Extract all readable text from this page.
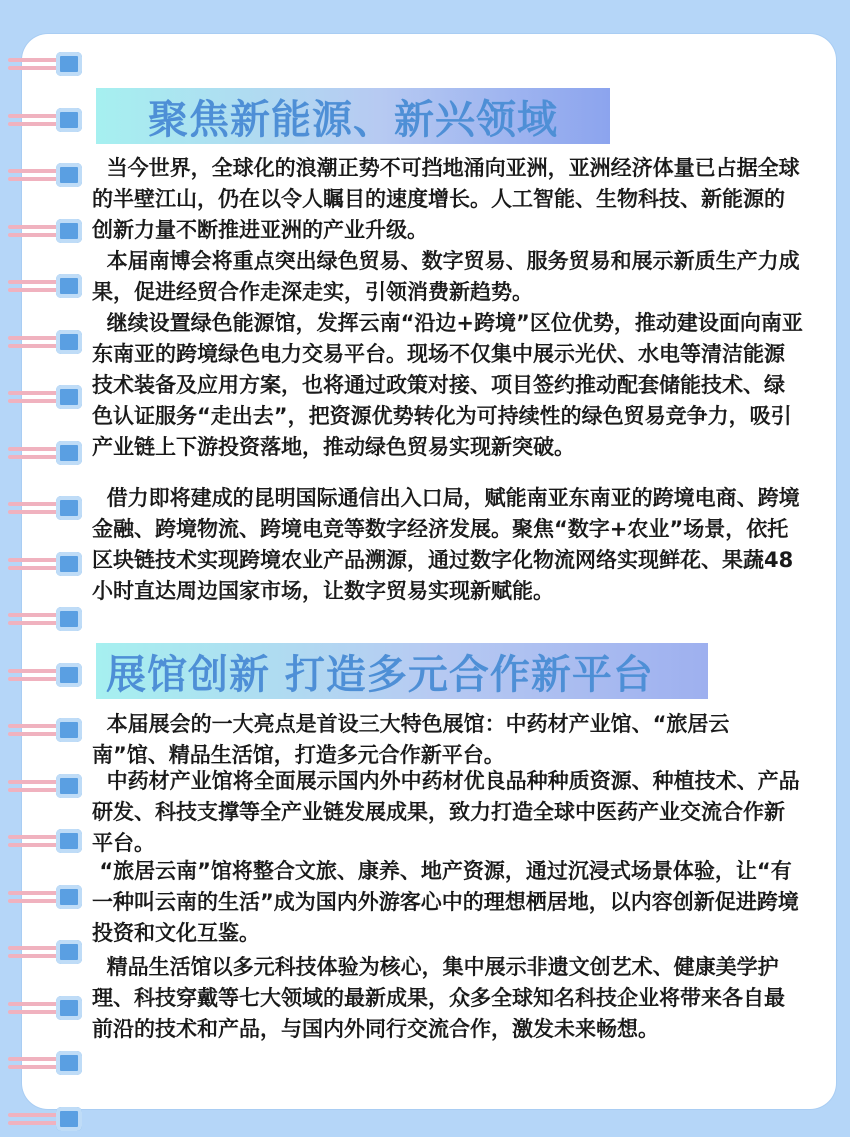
聚焦新能源、新兴领域
当今世界，全球化的浪潮正势不可挡地涌向亚洲，亚洲经济体量已占据全球的半壁江山，仍在以令人瞩目的速度增长。人工智能、生物科技、新能源的创新力量不断推进亚洲的产业升级。
本届南博会将重点突出绿色贸易、数字贸易、服务贸易和展示新质生产力成果，促进经贸合作走深走实，引领消费新趋势。
继续设置绿色能源馆，发挥云南“沿边+跨境”区位优势，推动建设面向南亚东南亚的跨境绿色电力交易平台。现场不仅集中展示光伏、水电等清洁能源技术装备及应用方案，也将通过政策对接、项目签约推动配套储能技术、绿色认证服务“走出去”，把资源优势转化为可持续性的绿色贸易竞争力，吸引产业链上下游投资落地，推动绿色贸易实现新突破。
借力即将建成的昆明国际通信出入口局，赋能南亚东南亚的跨境电商、跨境金融、跨境物流、跨境电竞等数字经济发展。聚焦“数字+农业”场景，依托区块链技术实现跨境农业产品溯源，通过数字化物流网络实现鲜花、果蔬48小时直达周边国家市场，让数字贸易实现新赋能。
展馆创新 打造多元合作新平台
本届展会的一大亮点是首设三大特色展馆：中药材产业馆、“旅居云南”馆、精品生活馆，打造多元合作新平台。
中药材产业馆将全面展示国内外中药材优良品种种质资源、种植技术、产品研发、科技支撑等全产业链发展成果，致力打造全球中医药产业交流合作新平台。
“旅居云南”馆将整合文旅、康养、地产资源，通过沉浸式场景体验，让“有一种叫云南的生活”成为国内外游客心中的理想栖居地，以内容创新促进跨境投资和文化互鉴。
精品生活馆以多元科技体验为核心，集中展示非遗文创艺术、健康美学护理、科技穿戴等七大领域的最新成果，众多全球知名科技企业将带来各自最前沿的技术和产品，与国内外同行交流合作，激发未来畅想。
